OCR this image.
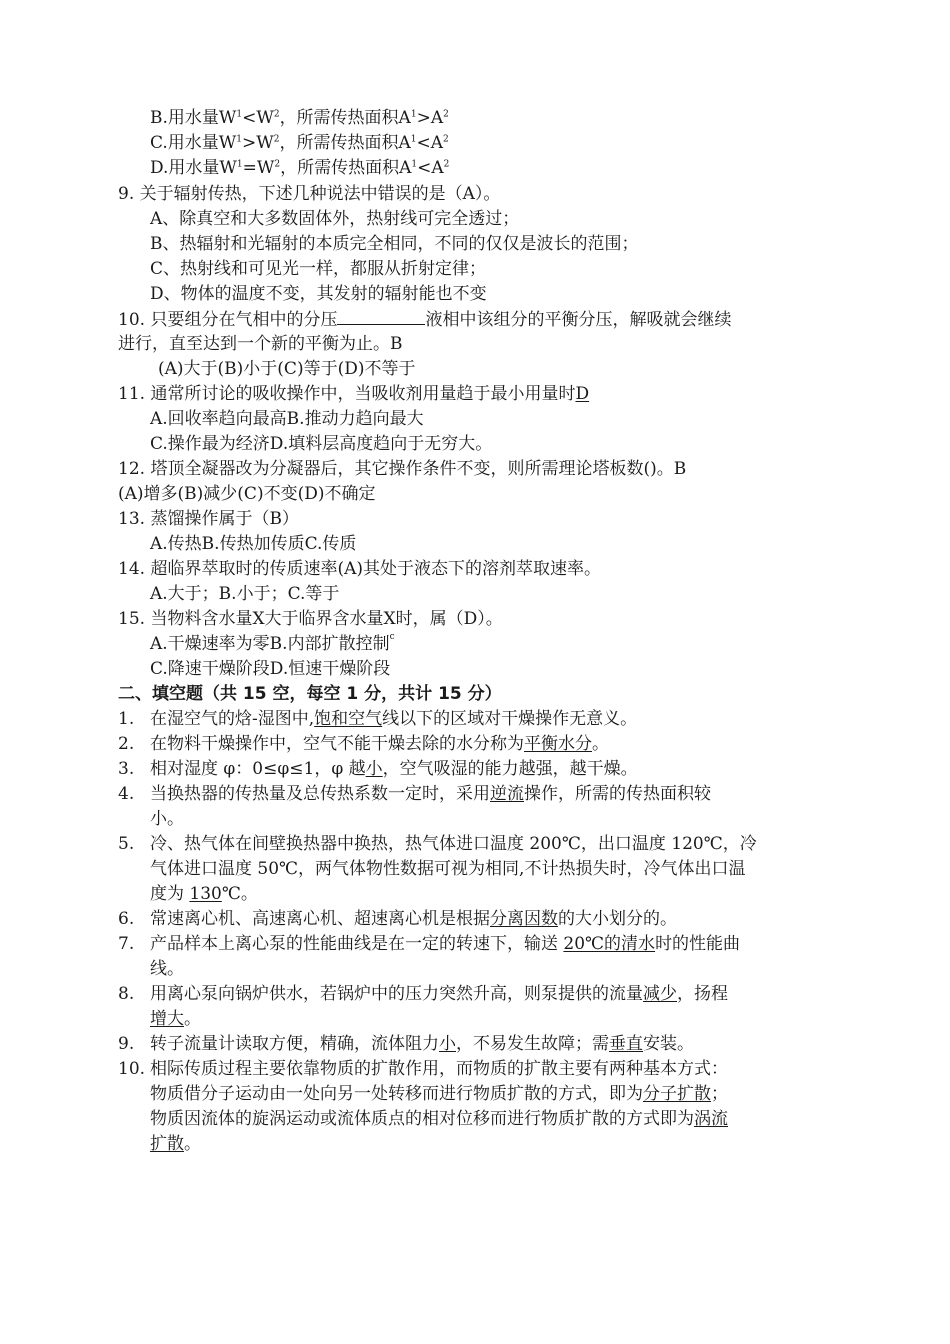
B.用水量$W^1<W^2$，所需传热面积$A^1>A^2$
C.用水量$W^1>W^2$，所需传热面积$A^1<A^2$
D.用水量$W^1=W^2$，所需传热面积$A^1<A^2$
9. 关于辐射传热，下述几种说法中错误的是（A）。
A、除真空和大多数固体外，热射线可完全透过；
B、热辐射和光辐射的本质完全相同，不同的仅仅是波长的范围；
C、热射线和可见光一样，都服从折射定律；
D、物体的温度不变，其发射的辐射能也不变
10. 只要组分在气相中的分压	液相中该组分的平衡分压，解吸就会继续
进行，直至达到一个新的平衡为止。B
(A)大于(B)小于(C)等于(D)不等于
11. 通常所讨论的吸收操作中，当吸收剂用量趋于最小用量时D
A.回收率趋向最高B.推动力趋向最大
C.操作最为经济D.填料层高度趋向于无穷大。
12. 塔顶全凝器改为分凝器后，其它操作条件不变，则所需理论塔板数()。B
(A)增多(B)减少(C)不变(D)不确定
13. 蒸馏操作属于（B）
A.传热B.传热加传质C.传质
14. 超临界萃取时的传质速率(A)其处于液态下的溶剂萃取速率。
A.大于；B.小于；C.等于
15. 当物料含水量X大于临界含水量X时，属（D）。
A.干燥速率为零B.内部扩散控制$^c$
C.降速干燥阶段D.恒速干燥阶段
二、填空题（共 15 空，每空 1 分，共计 15 分）
1. 在湿空气的焓-湿图中,饱和空气线以下的区域对干燥操作无意义。
2. 在物料干燥操作中，空气不能干燥去除的水分称为平衡水分。
3. 相对湿度 φ：0≤φ≤1，φ 越小，空气吸湿的能力越强，越干燥。
4. 当换热器的传热量及总传热系数一定时，采用逆流操作，所需的传热面积较
小。
5. 冷、热气体在间壁换热器中换热，热气体进口温度 200℃，出口温度 120℃，冷
气体进口温度 50℃，两气体物性数据可视为相同,不计热损失时，冷气体出口温
度为 130℃。
6. 常速离心机、高速离心机、超速离心机是根据分离因数的大小划分的。
7. 产品样本上离心泵的性能曲线是在一定的转速下，输送 20℃的清水时的性能曲
线。
8. 用离心泵向锅炉供水，若锅炉中的压力突然升高，则泵提供的流量减少，扬程
增大。
9. 转子流量计读取方便，精确，流体阻力小，不易发生故障；需垂直安装。
10. 相际传质过程主要依靠物质的扩散作用，而物质的扩散主要有两种基本方式：
物质借分子运动由一处向另一处转移而进行物质扩散的方式，即为分子扩散；
物质因流体的旋涡运动或流体质点的相对位移而进行物质扩散的方式即为涡流
扩散。
